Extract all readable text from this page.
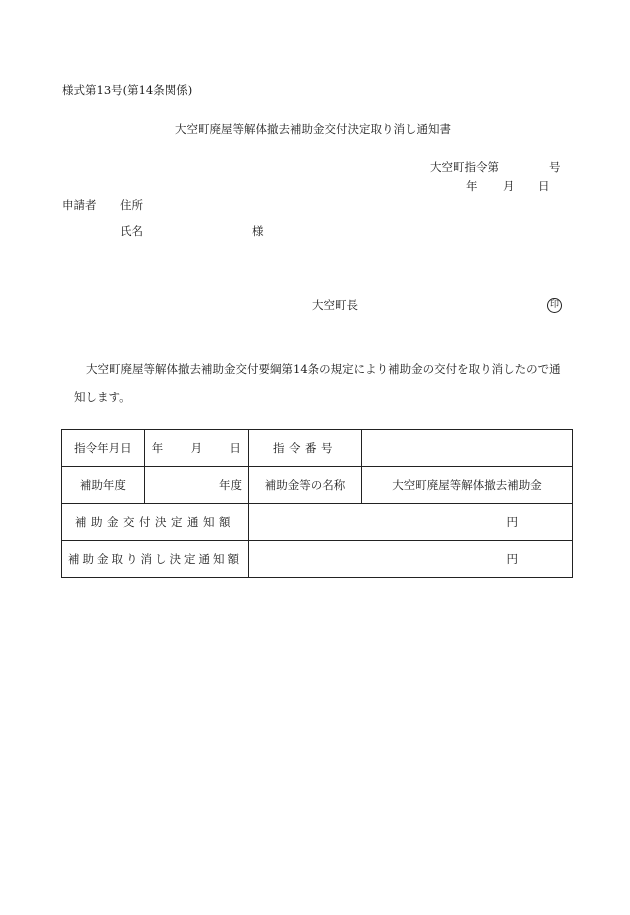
様式第13号(第14条関係)
大空町廃屋等解体撤去補助金交付決定取り消し通知書
大空町指令第	号
年 月 日
申請者 住所
氏名	様
大空町長	印
大空町廃屋等解体撤去補助金交付要綱第14条の規定により補助金の交付を取り消したので通
知します。
指令年月日	年 月 日	指令番号	
補助年度	年度	補助金等の名称	大空町廃屋等解体撤去補助金
補助金交付決定通知額		円	
補助金取り消し決定通知額		円	
